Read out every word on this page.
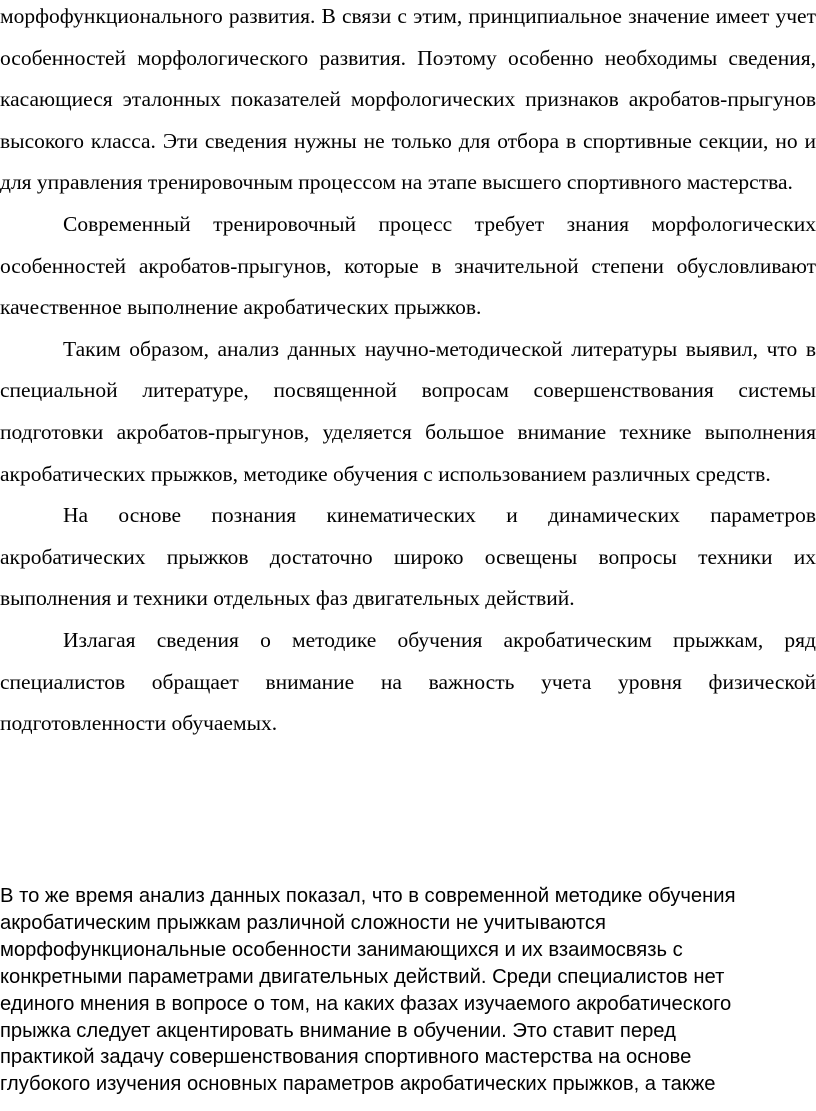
морфофункционального развития. В связи с этим, принципиальное значение имеет учет особенностей морфологического развития. Поэтому особенно необходимы сведения, касающиеся эталонных показателей морфологических признаков акробатов-прыгунов высокого класса. Эти сведения нужны не только для отбора в спортивные секции, но и для управления тренировочным процессом на этапе высшего спортивного мастерства.

Современный тренировочный процесс требует знания морфологических особенностей акробатов-прыгунов, которые в значительной степени обусловливают качественное выполнение акробатических прыжков.

Таким образом, анализ данных научно-методической литературы выявил, что в специальной литературе, посвященной вопросам совершенствования системы подготовки акробатов-прыгунов, уделяется большое внимание технике выполнения акробатических прыжков, методике обучения с использованием различных средств.

На основе познания кинематических и динамических параметров акробатических прыжков достаточно широко освещены вопросы техники их выполнения и техники отдельных фаз двигательных действий.

Излагая сведения о методике обучения акробатическим прыжкам, ряд специалистов обращает внимание на важность учета уровня физической подготовленности обучаемых.

В то же время анализ данных показал, что в современной методике обучения

акробатическим прыжкам различной сложности не учитываются

морфофункциональные особенности занимающихся и их взаимосвязь с

конкретными параметрами двигательных действий. Среди специалистов нет

единого мнения в вопросе о том, на каких фазах изучаемого акробатического

прыжка следует акцентировать внимание в обучении. Это ставит перед

практикой задачу совершенствования спортивного мастерства на основе

глубокого изучения основных параметров акробатических прыжков, а также
